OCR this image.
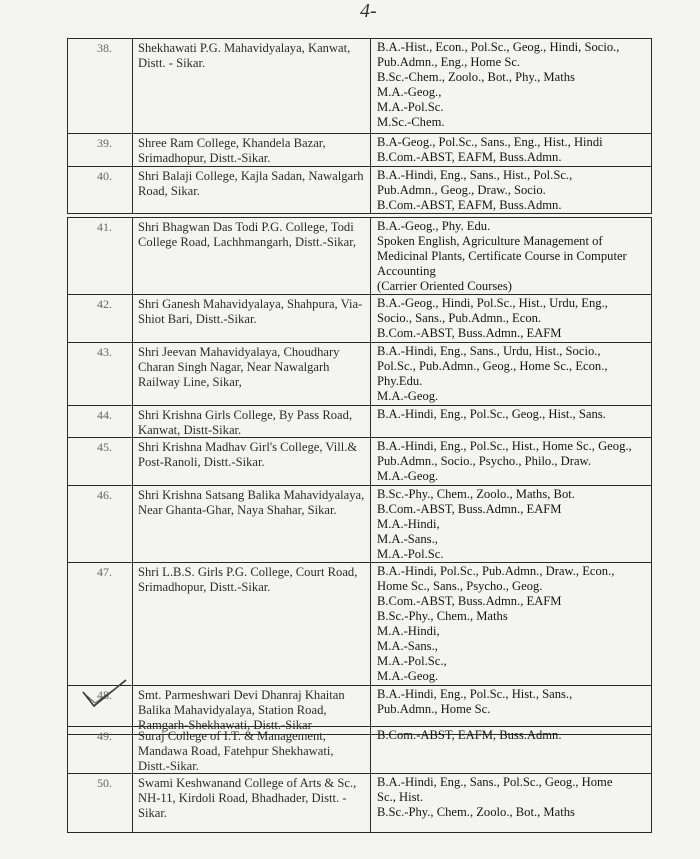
4-
38.	Shekhawati P.G. Mahavidyalaya, Kanwat, Distt. - Sikar.
B.A.-Hist., Econ., Pol.Sc., Geog., Hindi, Socio.,
Pub.Admn., Eng., Home Sc.
B.Sc.-Chem., Zoolo., Bot., Phy., Maths
M.A.-Geog.,
M.A.-Pol.Sc.
M.Sc.-Chem.
39.	Shree Ram College, Khandela Bazar, Srimadhopur, Distt.-Sikar.
B.A-Geog., Pol.Sc., Sans., Eng., Hist., Hindi
B.Com.-ABST, EAFM, Buss.Admn.
40.	Shri Balaji College, Kajla Sadan, Nawalgarh Road, Sikar.
B.A.-Hindi, Eng., Sans., Hist., Pol.Sc.,
Pub.Admn., Geog., Draw., Socio.
B.Com.-ABST, EAFM, Buss.Admn.
41.	Shri Bhagwan Das Todi P.G. College, Todi College Road, Lachhmangarh, Distt.-Sikar,
B.A.-Geog., Phy. Edu.
Spoken English, Agriculture Management of
Medicinal Plants, Certificate Course in Computer
Accounting
(Carrier Oriented Courses)
42.	Shri Ganesh Mahavidyalaya, Shahpura, Via-Shiot Bari, Distt.-Sikar.
B.A.-Geog., Hindi, Pol.Sc., Hist., Urdu, Eng.,
Socio., Sans., Pub.Admn., Econ.
B.Com.-ABST, Buss.Admn., EAFM
43.	Shri Jeevan Mahavidyalaya, Choudhary Charan Singh Nagar, Near Nawalgarh Railway Line, Sikar,
B.A.-Hindi, Eng., Sans., Urdu, Hist., Socio.,
Pol.Sc., Pub.Admn., Geog., Home Sc., Econ.,
Phy.Edu.
M.A.-Geog.
44.	Shri Krishna Girls College, By Pass Road, Kanwat, Distt-Sikar.
B.A.-Hindi, Eng., Pol.Sc., Geog., Hist., Sans.
45.	Shri Krishna Madhav Girl's College, Vill.& Post-Ranoli, Distt.-Sikar.
B.A.-Hindi, Eng., Pol.Sc., Hist., Home Sc., Geog.,
Pub.Admn., Socio., Psycho., Philo., Draw.
M.A.-Geog.
46.	Shri Krishna Satsang Balika Mahavidyalaya, Near Ghanta-Ghar, Naya Shahar, Sikar.
B.Sc.-Phy., Chem., Zoolo., Maths, Bot.
B.Com.-ABST, Buss.Admn., EAFM
M.A.-Hindi,
M.A.-Sans.,
M.A.-Pol.Sc.
47.	Shri L.B.S. Girls P.G. College, Court Road, Srimadhopur, Distt.-Sikar.
B.A.-Hindi, Pol.Sc., Pub.Admn., Draw., Econ.,
Home Sc., Sans., Psycho., Geog.
B.Com.-ABST, Buss.Admn., EAFM
B.Sc.-Phy., Chem., Maths
M.A.-Hindi,
M.A.-Sans.,
M.A.-Pol.Sc.,
M.A.-Geog.
48.	Smt. Parmeshwari Devi Dhanraj Khaitan Balika Mahavidyalaya, Station Road, Ramgarh-Shekhawati, Distt.-Sikar
B.A.-Hindi, Eng., Pol.Sc., Hist., Sans.,
Pub.Admn., Home Sc.
49.	Suraj College of I.T. & Management, Mandawa Road, Fatehpur Shekhawati, Distt.-Sikar.
B.Com.-ABST, EAFM, Buss.Admn.
50.	Swami Keshwanand College of Arts & Sc., NH-11, Kirdoli Road, Bhadhader, Distt. - Sikar.
B.A.-Hindi, Eng., Sans., Pol.Sc., Geog., Home
Sc., Hist.
B.Sc.-Phy., Chem., Zoolo., Bot., Maths
